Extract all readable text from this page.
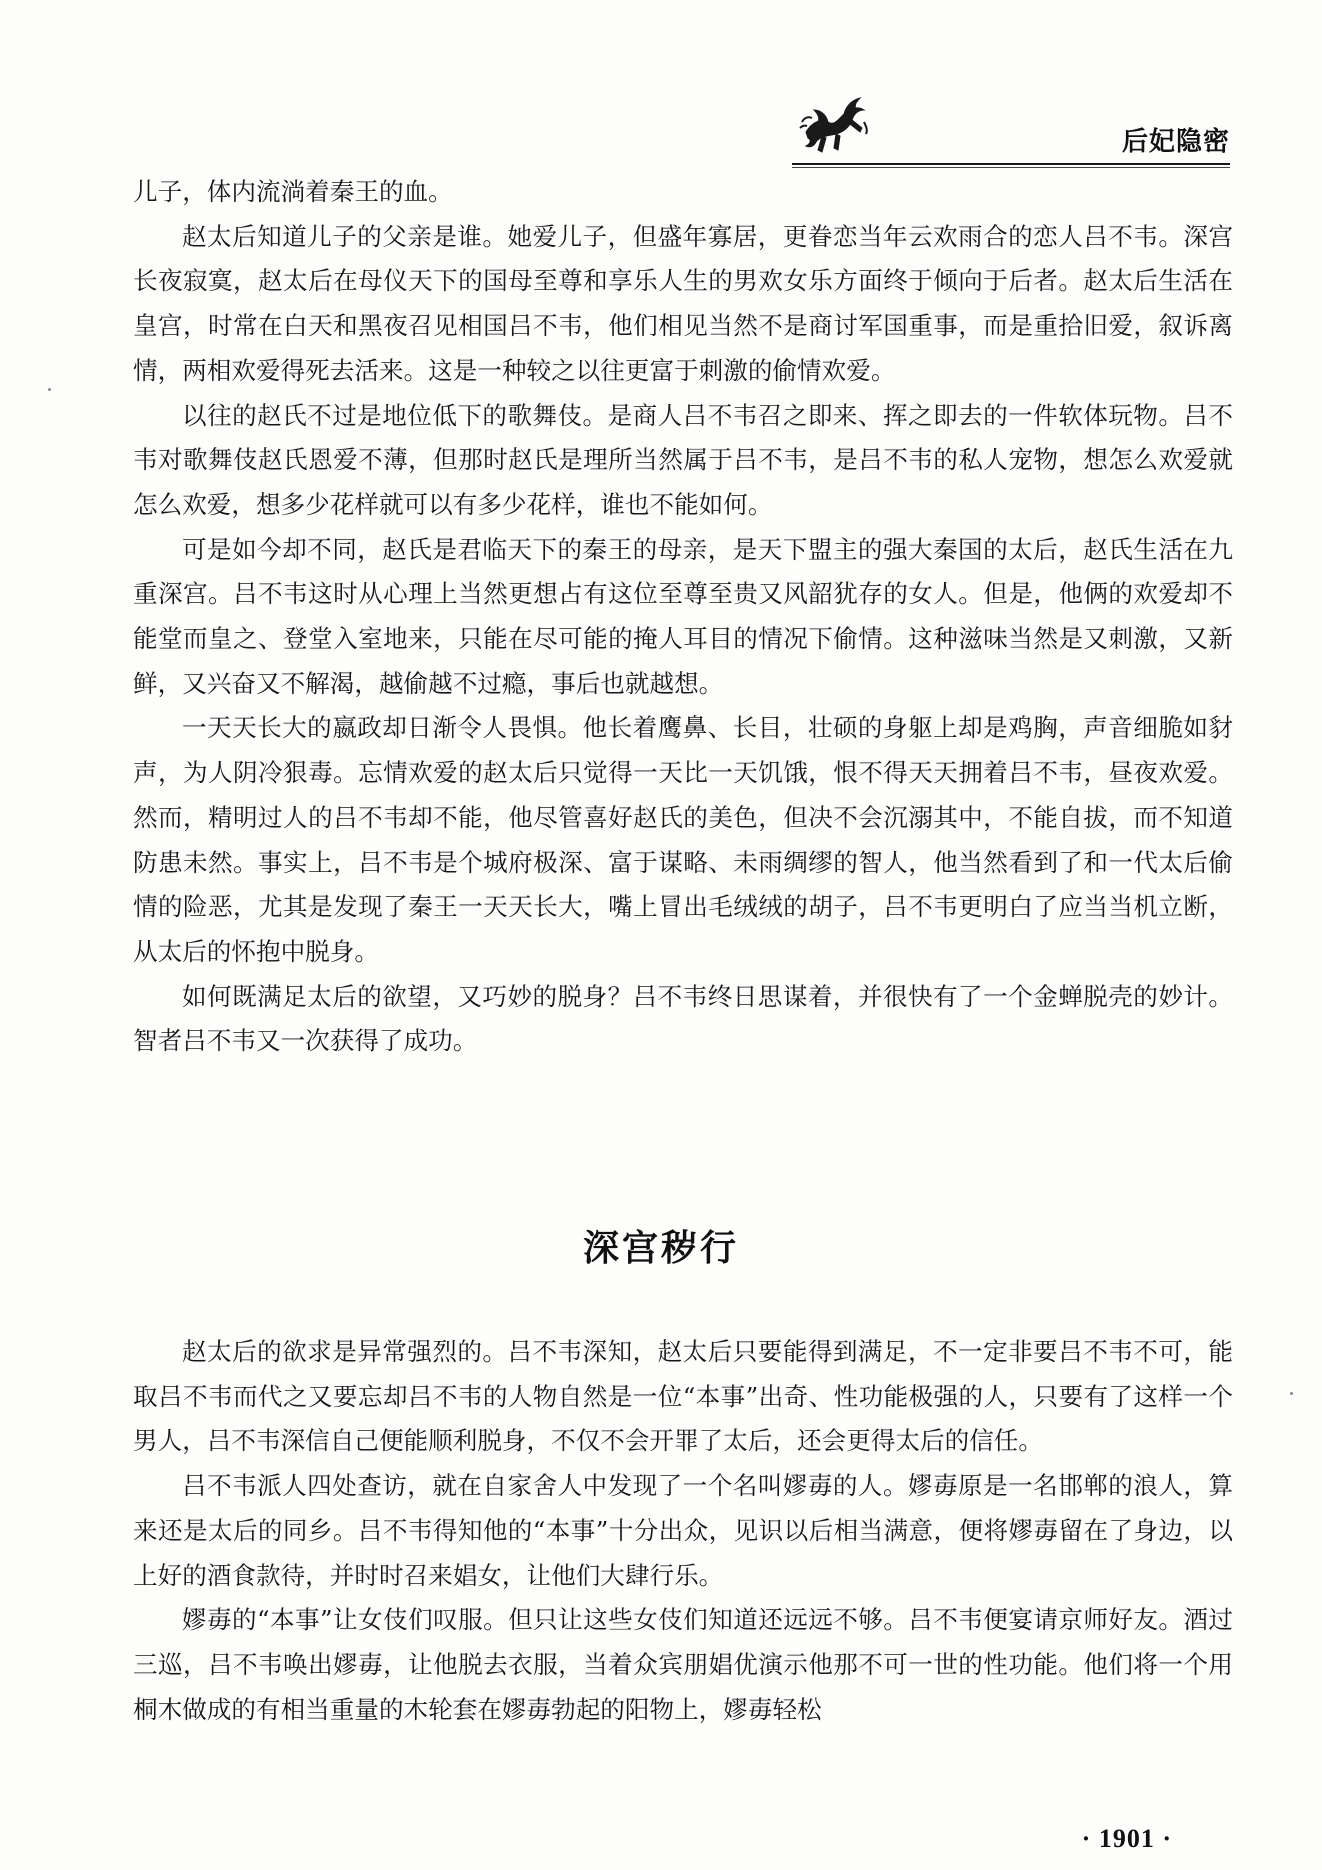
后妃隐密

儿子，体内流淌着秦王的血。

赵太后知道儿子的父亲是谁。她爱儿子，但盛年寡居，更眷恋当年云欢雨合的恋人吕不韦。深宫长夜寂寞，赵太后在母仪天下的国母至尊和享乐人生的男欢女乐方面终于倾向于后者。赵太后生活在皇宫，时常在白天和黑夜召见相国吕不韦，他们相见当然不是商讨军国重事，而是重拾旧爱，叙诉离情，两相欢爱得死去活来。这是一种较之以往更富于刺激的偷情欢爱。

以往的赵氏不过是地位低下的歌舞伎。是商人吕不韦召之即来、挥之即去的一件软体玩物。吕不韦对歌舞伎赵氏恩爱不薄，但那时赵氏是理所当然属于吕不韦，是吕不韦的私人宠物，想怎么欢爱就怎么欢爱，想多少花样就可以有多少花样，谁也不能如何。

可是如今却不同，赵氏是君临天下的秦王的母亲，是天下盟主的强大秦国的太后，赵氏生活在九重深宫。吕不韦这时从心理上当然更想占有这位至尊至贵又风韶犹存的女人。但是，他俩的欢爱却不能堂而皇之、登堂入室地来，只能在尽可能的掩人耳目的情况下偷情。这种滋味当然是又刺激，又新鲜，又兴奋又不解渴，越偷越不过瘾，事后也就越想。

一天天长大的嬴政却日渐令人畏惧。他长着鹰鼻、长目，壮硕的身躯上却是鸡胸，声音细脆如豺声，为人阴冷狠毒。忘情欢爱的赵太后只觉得一天比一天饥饿，恨不得天天拥着吕不韦，昼夜欢爱。然而，精明过人的吕不韦却不能，他尽管喜好赵氏的美色，但决不会沉溺其中，不能自拔，而不知道防患未然。事实上，吕不韦是个城府极深、富于谋略、未雨绸缪的智人，他当然看到了和一代太后偷情的险恶，尤其是发现了秦王一天天长大，嘴上冒出毛绒绒的胡子，吕不韦更明白了应当当机立断，从太后的怀抱中脱身。

如何既满足太后的欲望，又巧妙的脱身？吕不韦终日思谋着，并很快有了一个金蝉脱壳的妙计。智者吕不韦又一次获得了成功。

深宫秽行

赵太后的欲求是异常强烈的。吕不韦深知，赵太后只要能得到满足，不一定非要吕不韦不可，能取吕不韦而代之又要忘却吕不韦的人物自然是一位“本事”出奇、性功能极强的人，只要有了这样一个男人，吕不韦深信自己便能顺利脱身，不仅不会开罪了太后，还会更得太后的信任。

吕不韦派人四处查访，就在自家舍人中发现了一个名叫嫪毐的人。嫪毐原是一名邯郸的浪人，算来还是太后的同乡。吕不韦得知他的“本事”十分出众，见识以后相当满意，便将嫪毐留在了身边，以上好的酒食款待，并时时召来娼女，让他们大肆行乐。

嫪毐的“本事”让女伎们叹服。但只让这些女伎们知道还远远不够。吕不韦便宴请京师好友。酒过三巡，吕不韦唤出嫪毐，让他脱去衣服，当着众宾朋娼优演示他那不可一世的性功能。他们将一个用桐木做成的有相当重量的木轮套在嫪毐勃起的阳物上，嫪毐轻松

· 1901 ·
